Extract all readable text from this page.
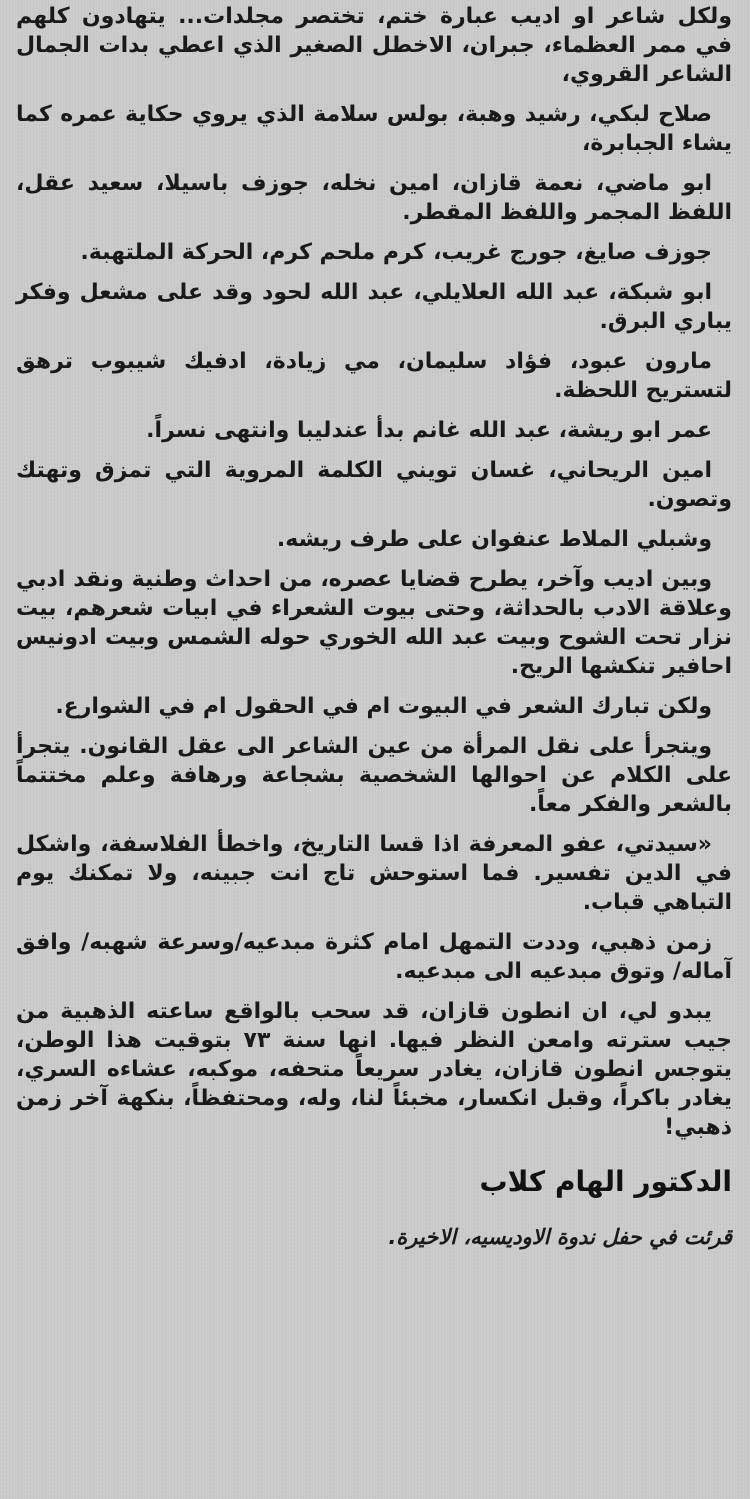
ولكل شاعر او اديب عبارة ختم، تختصر مجلدات... يتهادون كلهم في ممر العظماء، جبران، الاخطل الصغير الذي اعطي بدات الجمال الشاعر القروي،

صلاح لبكي، رشيد وهبة، بولس سلامة الذي يروي حكاية عمره كما يشاء الجبابرة،

ابو ماضي، نعمة قازان، امين نخله، جوزف باسيلا، سعيد عقل، اللفظ المجمر واللفظ المقطر.

جوزف صايغ، جورج غريب، كرم ملحم كرم، الحركة الملتهبة.

ابو شبكة، عبد الله العلايلي، عبد الله لحود وقد على مشعل وفكر يباري البرق.

مارون عبود، فؤاد سليمان، مي زيادة، ادفيك شيبوب ترهق لتستريح اللحظة.

عمر ابو ريشة، عبد الله غانم بدأ عندليبا وانتهى نسراً.

امين الريحاني، غسان تويني الكلمة المروية التي تمزق وتهتك وتصون.

وشبلي الملاط عنفوان على طرف ريشه.

وبين اديب وآخر، يطرح قضايا عصره، من احداث وطنية ونقد ادبي وعلاقة الادب بالحداثة، وحتى بيوت الشعراء في ابيات شعرهم، بيت نزار تحت الشوح وبيت عبد الله الخوري حوله الشمس وبيت ادونيس احافير تنكشها الريح.

ولكن تبارك الشعر في البيوت ام في الحقول ام في الشوارع.

ويتجرأ على نقل المرأة من عين الشاعر الى عقل القانون. يتجرأ على الكلام عن احوالها الشخصية بشجاعة ورهافة وعلم مختتماً بالشعر والفكر معاً.

«سيدتي، عفو المعرفة اذا قسا التاريخ، واخطأ الفلاسفة، واشكل في الدين تفسير. فما استوحش تاج انت جبينه، ولا تمكنك يوم التباهي قباب.

زمن ذهبي، وددت التمهل امام كثرة مبدعيه/وسرعة شهبه/ وافق آماله/ وتوق مبدعيه الى مبدعيه.

يبدو لي، ان انطون قازان، قد سحب بالواقع ساعته الذهبية من جيب سترته وامعن النظر فيها. انها سنة ٧٣ بتوقيت هذا الوطن، يتوجس انطون قازان، يغادر سريعاً متحفه، موكبه، عشاءه السري، يغادر باكراً، وقبل انكسار، مخبئاً لنا، وله، ومحتفظاً، بنكهة آخر زمن ذهبي!

الدكتور الهام كلاب

قرئت في حفل ندوة الاوديسيه، الاخيرة.
